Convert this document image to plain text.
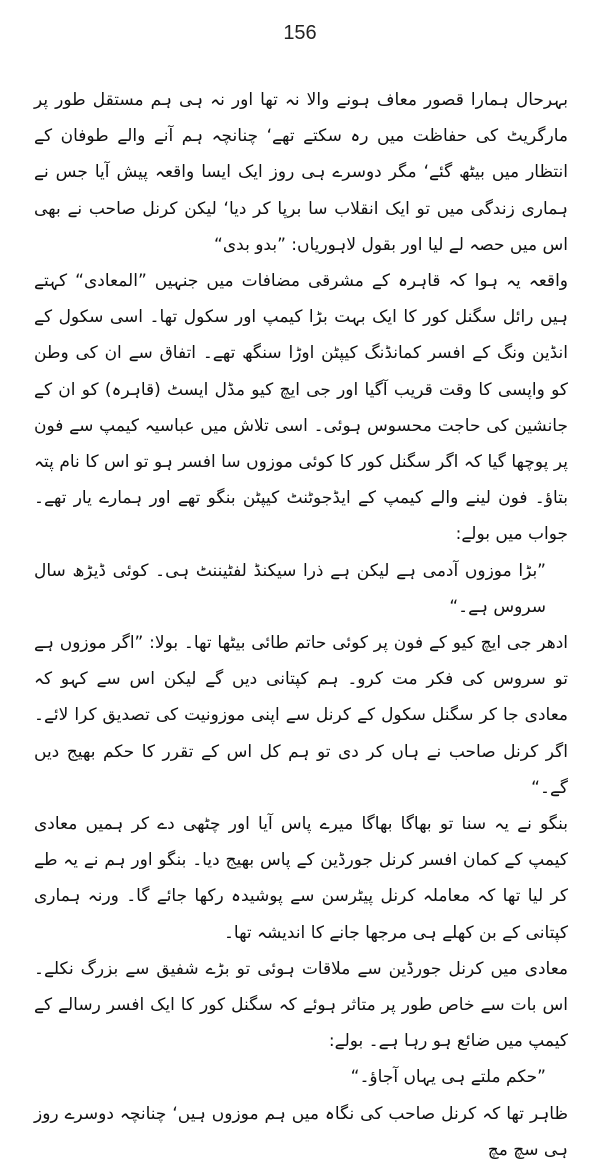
156

بہرحال ہمارا قصور معاف ہونے والا نہ تھا اور نہ ہی ہم مستقل طور پر مارگریٹ کی حفاظت میں رہ سکتے تھے‘ چنانچہ ہم آنے والے طوفان کے انتظار میں بیٹھ گئے‘ مگر دوسرے ہی روز ایک ایسا واقعہ پیش آیا جس نے ہماری زندگی میں تو ایک انقلاب سا برپا کر دیا‘ لیکن کرنل صاحب نے بھی اس میں حصہ لے لیا اور بقول لاہوریاں: ”بدو بدی“

واقعہ یہ ہوا کہ قاہرہ کے مشرقی مضافات میں جنہیں ”المعادی“ کہتے ہیں رائل سگنل کور کا ایک بہت بڑا کیمپ اور سکول تھا۔ اسی سکول کے انڈین ونگ کے افسر کمانڈنگ کیپٹن اوڑا سنگھ تھے۔ اتفاق سے ان کی وطن کو واپسی کا وقت قریب آگیا اور جی ایچ کیو مڈل ایسٹ (قاہرہ) کو ان کے جانشین کی حاجت محسوس ہوئی۔ اسی تلاش میں عباسیہ کیمپ سے فون پر پوچھا گیا کہ اگر سگنل کور کا کوئی موزوں سا افسر ہو تو اس کا نام پتہ بتاؤ۔ فون لینے والے کیمپ کے ایڈجوٹنٹ کیپٹن بنگو تھے اور ہمارے یار تھے۔ جواب میں بولے:

”بڑا موزوں آدمی ہے لیکن ہے ذرا سیکنڈ لفٹیننٹ ہی۔ کوئی ڈیڑھ سال سروس ہے۔“

ادھر جی ایچ کیو کے فون پر کوئی حاتم طائی بیٹھا تھا۔ بولا: ”اگر موزوں ہے تو سروس کی فکر مت کرو۔ ہم کپتانی دیں گے لیکن اس سے کہو کہ معادی جا کر سگنل سکول کے کرنل سے اپنی موزونیت کی تصدیق کرا لائے۔ اگر کرنل صاحب نے ہاں کر دی تو ہم کل اس کے تقرر کا حکم بھیج دیں گے۔“

بنگو نے یہ سنا تو بھاگا بھاگا میرے پاس آیا اور چٹھی دے کر ہمیں معادی کیمپ کے کمان افسر کرنل جورڈین کے پاس بھیج دیا۔ بنگو اور ہم نے یہ طے کر لیا تھا کہ معاملہ کرنل پیٹرسن سے پوشیدہ رکھا جائے گا۔ ورنہ ہماری کپتانی کے بن کھلے ہی مرجھا جانے کا اندیشہ تھا۔

معادی میں کرنل جورڈین سے ملاقات ہوئی تو بڑے شفیق سے بزرگ نکلے۔ اس بات سے خاص طور پر متاثر ہوئے کہ سگنل کور کا ایک افسر رسالے کے کیمپ میں ضائع ہو رہا ہے۔ بولے:

”حکم ملتے ہی یہاں آجاؤ۔“

ظاہر تھا کہ کرنل صاحب کی نگاہ میں ہم موزوں ہیں‘ چنانچہ دوسرے روز ہی سچ مچ
